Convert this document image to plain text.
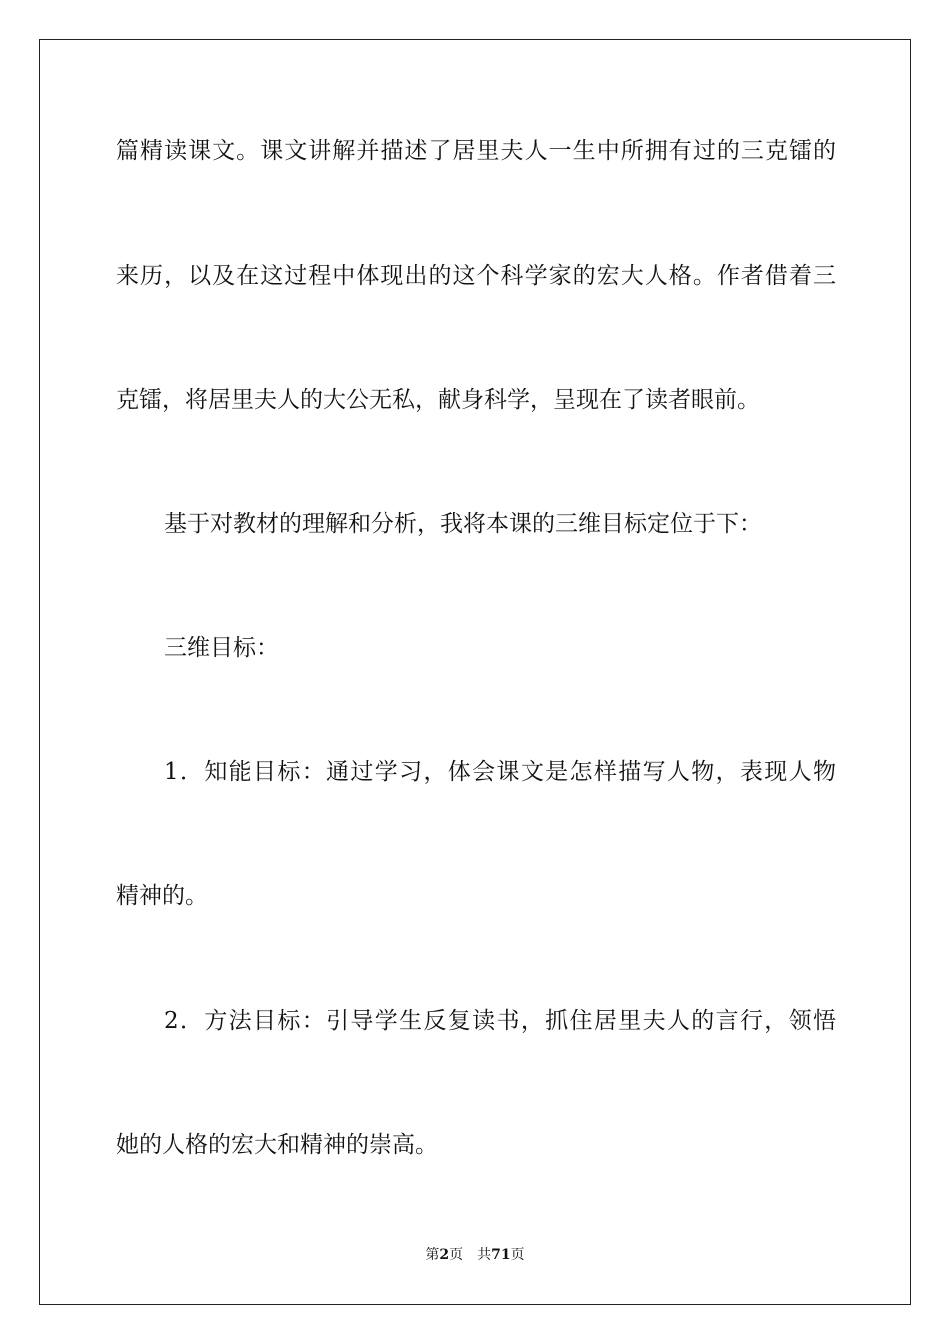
篇精读课文。课文讲解并描述了居里夫人一生中所拥有过的三克镭的
来历，以及在这过程中体现出的这个科学家的宏大人格。作者借着三
克镭，将居里夫人的大公无私，献身科学，呈现在了读者眼前。
基于对教材的理解和分析，我将本课的三维目标定位于下：
三维目标：
1．知能目标：通过学习，体会课文是怎样描写人物，表现人物
精神的。
2．方法目标：引导学生反复读书，抓住居里夫人的言行，领悟
她的人格的宏大和精神的崇高。
第2页 共71页
